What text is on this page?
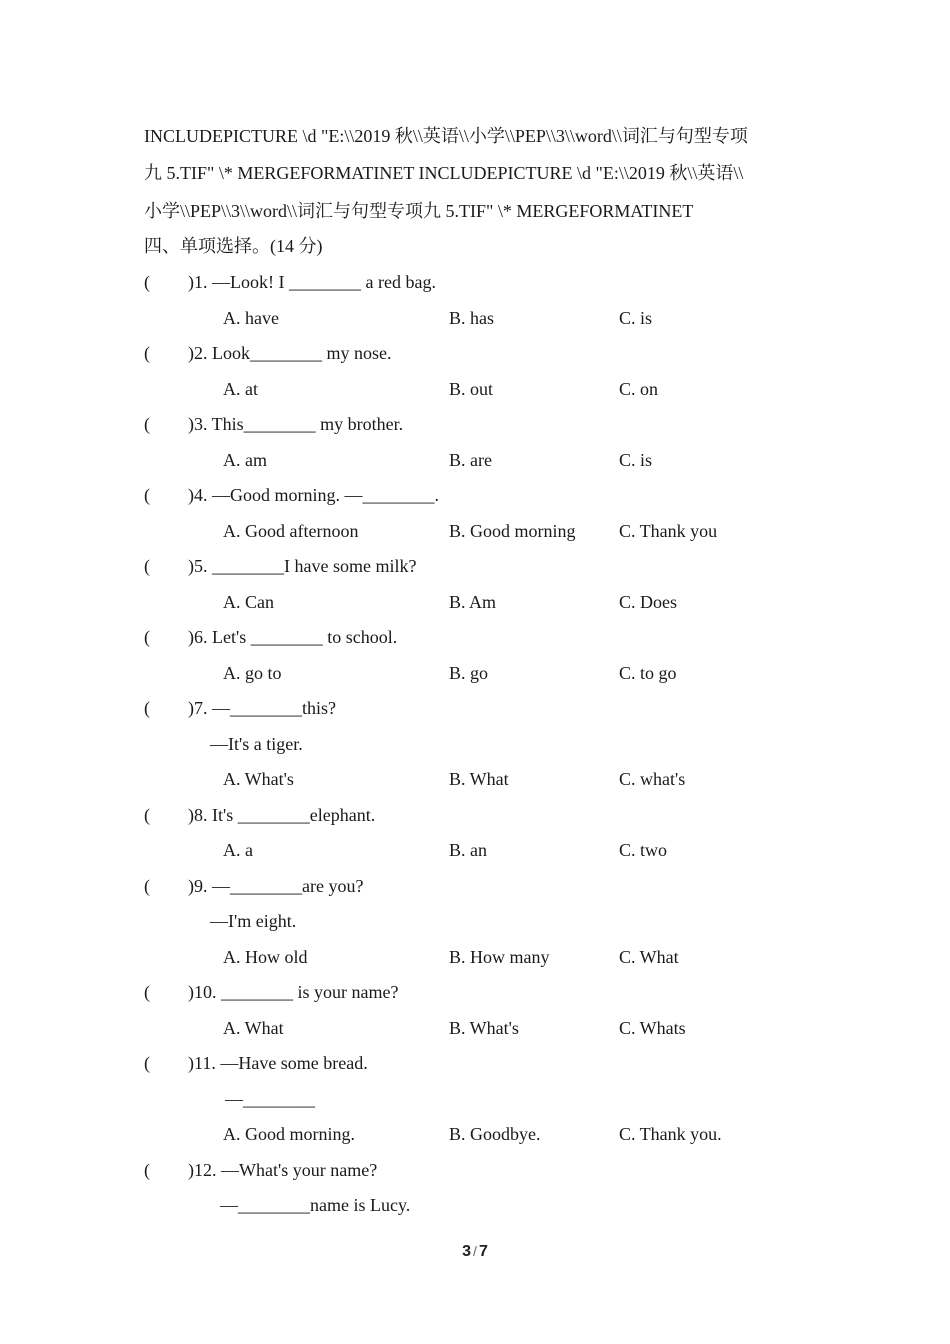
INCLUDEPICTURE \d "E:\\2019 秋\\英语\\小学\\PEP\\3\\word\\词汇与句型专项
九 5.TIF" \* MERGEFORMATINET INCLUDEPICTURE \d "E:\\2019 秋\\英语\\
小学\\PEP\\3\\word\\词汇与句型专项九 5.TIF" \* MERGEFORMATINET
四、单项选择。(14 分)
( )1. —Look! I ________ a red bag.
A. have	B. has	C. is
( )2. Look________ my nose.
A. at	B. out	C. on
( )3. This________ my brother.
A. am	B. are	C. is
( )4. —Good morning. —________.
A. Good afternoon	B. Good morning C. Thank you
( )5. ________I have some milk?
A. Can	B. Am	C. Does
( )6. Let's ________ to school.
A. go to	B. go	C. to go
( )7. —________this?
—It's a tiger.
A. What's	B. What	C. what's
( )8. It's ________elephant.
A. a	B. an	C. two
( )9. —________are you?
—I'm eight.
A. How old	B. How many	C. What
( )10. ________ is your name?
A. What	B. What's	C. Whats
( )11. —Have some bread.
—________
A. Good morning.	B. Goodbye.	C. Thank you.
( )12. —What's your name?
—________name is Lucy.
3 / 7
